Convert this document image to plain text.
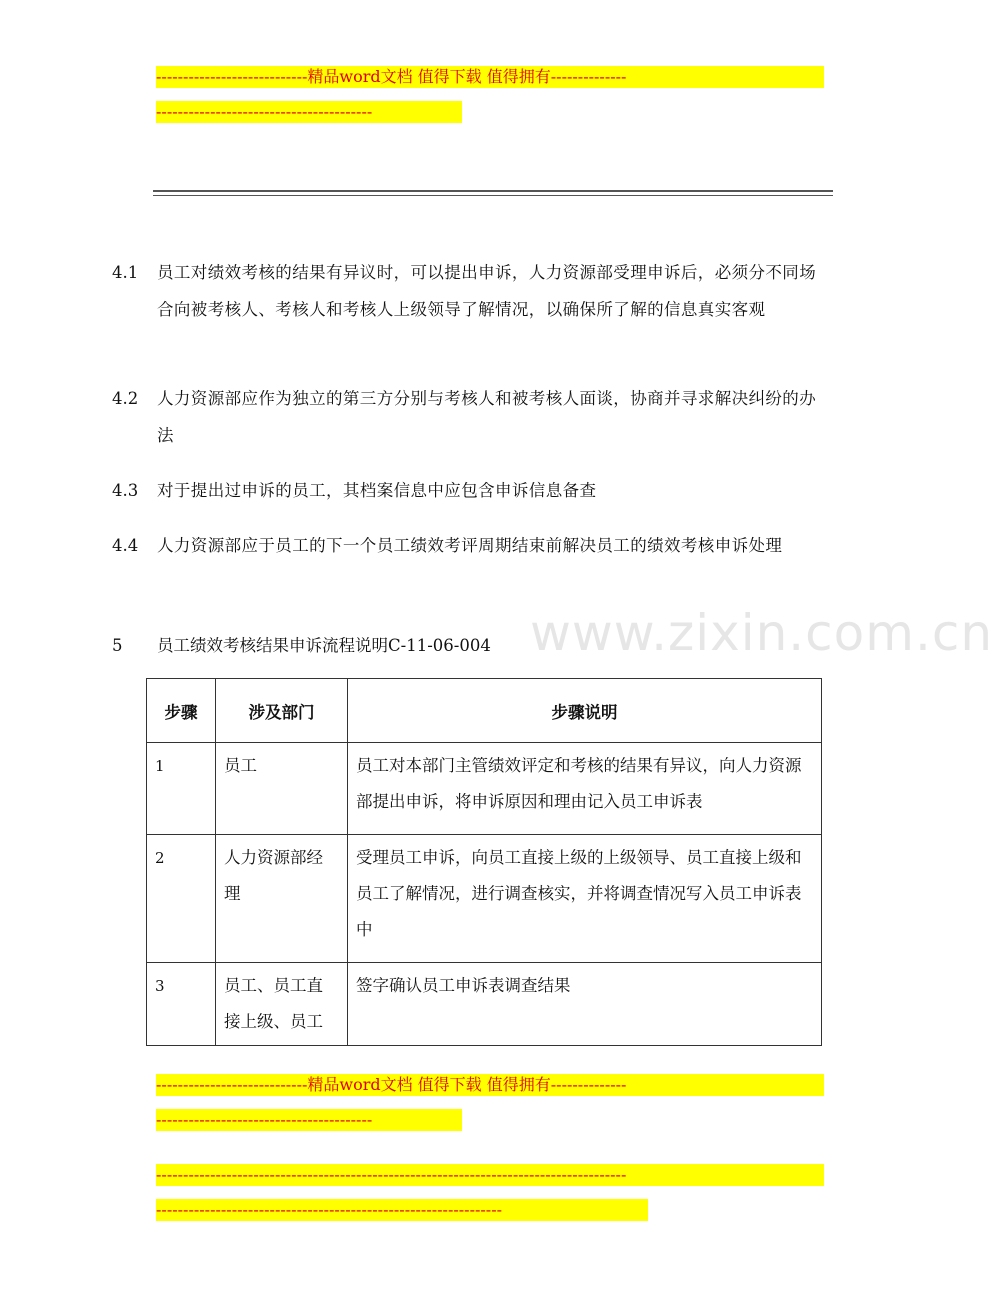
----------------------------精品word文档 值得下载 值得拥有--------------
----------------------------------------
4.1	员工对绩效考核的结果有异议时，可以提出申诉，人力资源部受理申诉后，必须分不同场合向被考核人、考核人和考核人上级领导了解情况，以确保所了解的信息真实客观
4.2	人力资源部应作为独立的第三方分别与考核人和被考核人面谈，协商并寻求解决纠纷的办法
4.3	对于提出过申诉的员工，其档案信息中应包含申诉信息备查
4.4	人力资源部应于员工的下一个员工绩效考评周期结束前解决员工的绩效考核申诉处理
www.zixin.com.cn
5 员工绩效考核结果申诉流程说明C-11-06-004
步骤	涉及部门	步骤说明
1	员工	员工对本部门主管绩效评定和考核的结果有异议，向人力资源部提出申诉，将申诉原因和理由记入员工申诉表
2	人力资源部经理	受理员工申诉，向员工直接上级的上级领导、员工直接上级和员工了解情况，进行调查核实，并将调查情况写入员工申诉表中
3	员工、员工直接上级、员工	签字确认员工申诉表调查结果
----------------------------精品word文档 值得下载 值得拥有--------------
----------------------------------------
---------------------------------------------------------------------------------------
----------------------------------------------------------------
